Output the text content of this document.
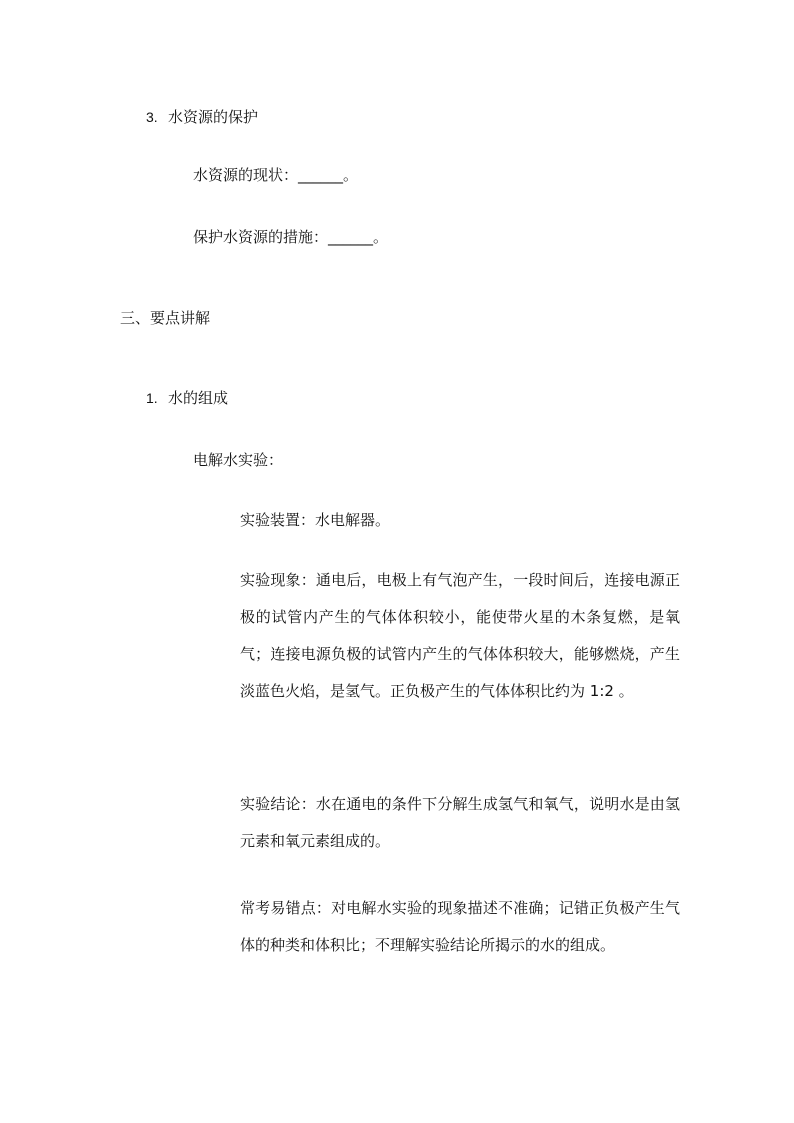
3. 水资源的保护
水资源的现状：______。
保护水资源的措施：______。
三、要点讲解
1. 水的组成
电解水实验：
实验装置：水电解器。
实验现象：通电后，电极上有气泡产生，一段时间后，连接电源正极的试管内产生的气体体积较小，能使带火星的木条复燃，是氧气；连接电源负极的试管内产生的气体体积较大，能够燃烧，产生淡蓝色火焰，是氢气。正负极产生的气体体积比约为 1:2 。
实验结论：水在通电的条件下分解生成氢气和氧气，说明水是由氢元素和氧元素组成的。
常考易错点：对电解水实验的现象描述不准确；记错正负极产生气体的种类和体积比；不理解实验结论所揭示的水的组成。
